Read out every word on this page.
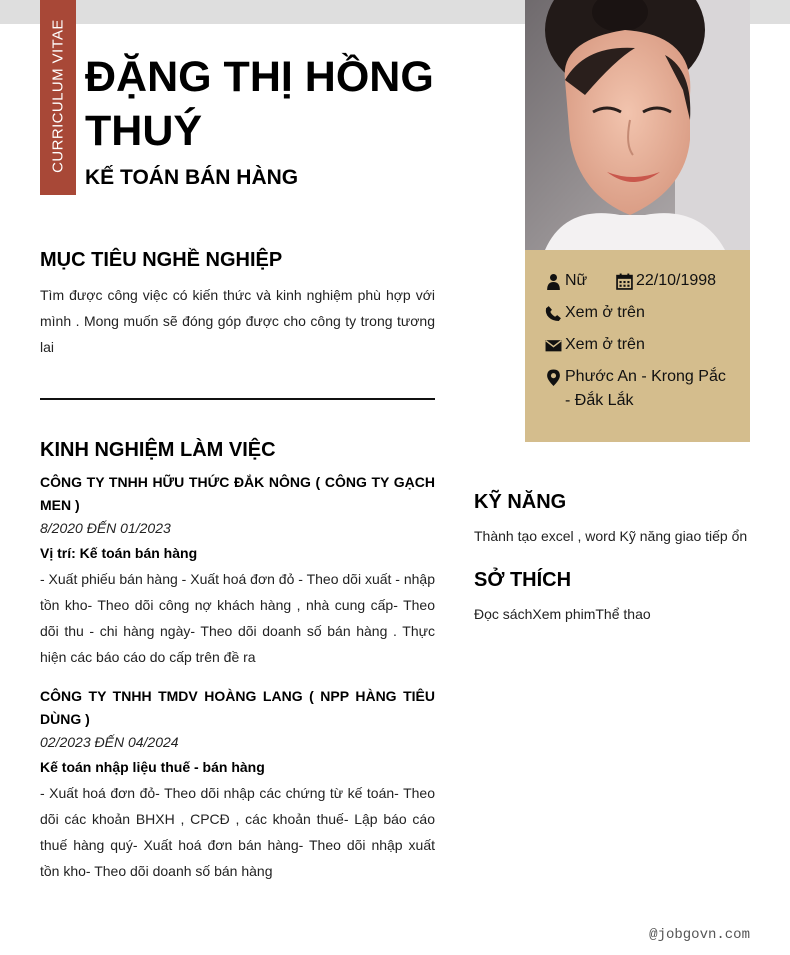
CURRICULUM VITAE ĐẶNG THỊ HỒNG THUÝ
KẾ TOÁN BÁN HÀNG
MỤC TIÊU NGHỀ NGHIỆP

Tìm được công việc có kiến thức và kinh nghiệm phù hợp với mình . Mong muốn sẽ đóng góp được cho công ty trong tương lai

KINH NGHIỆM LÀM VIỆC
CÔNG TY TNHH HỮU THỨC ĐẮK NÔNG ( CÔNG TY GẠCH MEN )
8/2020 ĐẾN 01/2023
Vị trí: Kế toán bán hàng
- Xuất phiếu bán hàng - Xuất hoá đơn đỏ - Theo dõi xuất - nhập tồn kho- Theo dõi công nợ khách hàng , nhà cung cấp- Theo dõi thu - chi hàng ngày- Theo dõi doanh số bán hàng . Thực hiện các báo cáo do cấp trên đề ra
CÔNG TY TNHH TMDV HOÀNG LANG ( NPP HÀNG TIÊU DÙNG )
02/2023 ĐẾN 04/2024
Kế toán nhập liệu thuế - bán hàng
- Xuất hoá đơn đỏ- Theo dõi nhập các chứng từ kế toán- Theo dõi các khoản BHXH , CPCĐ , các khoản thuế- Lập báo cáo thuế hàng quý- Xuất hoá đơn bán hàng- Theo dõi nhập xuất tồn kho- Theo dõi doanh số bán hàng
Nữ	22/10/1998
Xem ở trên
Xem ở trên
Phước An - Krong Pắc - Đắk Lắk
KỸ NĂNG
Thành tạo excel , word Kỹ năng giao tiếp ổn
SỞ THÍCH
Đọc sáchXem phimThể thao
@jobgovn.com
